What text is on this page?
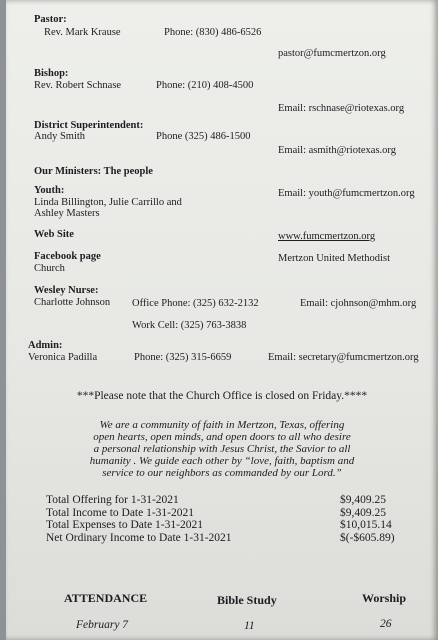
Pastor:
Rev. Mark Krause	Phone: (830) 486-6526
pastor@fumcmertzon.org
Bishop:
Rev. Robert Schnase	Phone: (210) 408-4500
Email: rschnase@riotexas.org
District Superintendent:
Andy Smith	Phone (325) 486-1500
Email: asmith@riotexas.org
Our Ministers: The people
Youth:	Email: youth@fumcmertzon.org
Linda Billington, Julie Carrillo and
Ashley Masters
Web Site	www.fumcmertzon.org
Facebook page	Mertzon United Methodist
Church
Wesley Nurse:
Charlotte Johnson Office Phone: (325) 632-2132	Email: cjohnson@mhm.org
Work Cell: (325) 763-3838
Admin:
Veronica Padilla	Phone: (325) 315-6659	Email: secretary@fumcmertzon.org
***Please note that the Church Office is closed on Friday.****
We are a community of faith in Mertzon, Texas, offering
open hearts, open minds, and open doors to all who desire
a personal relationship with Jesus Christ, the Savior to all
humanity . We guide each other by “love, faith, baptism and
service to our neighbors as commanded by our Lord.”
Total Offering for 1-31-2021	$9,409.25
Total Income to Date 1-31-2021	$9,409.25
Total Expenses to Date 1-31-2021	$10,015.14
Net Ordinary Income to Date 1-31-2021	$(-$605.89)
ATTENDANCE	Bible Study	Worship
February 7	11	26
